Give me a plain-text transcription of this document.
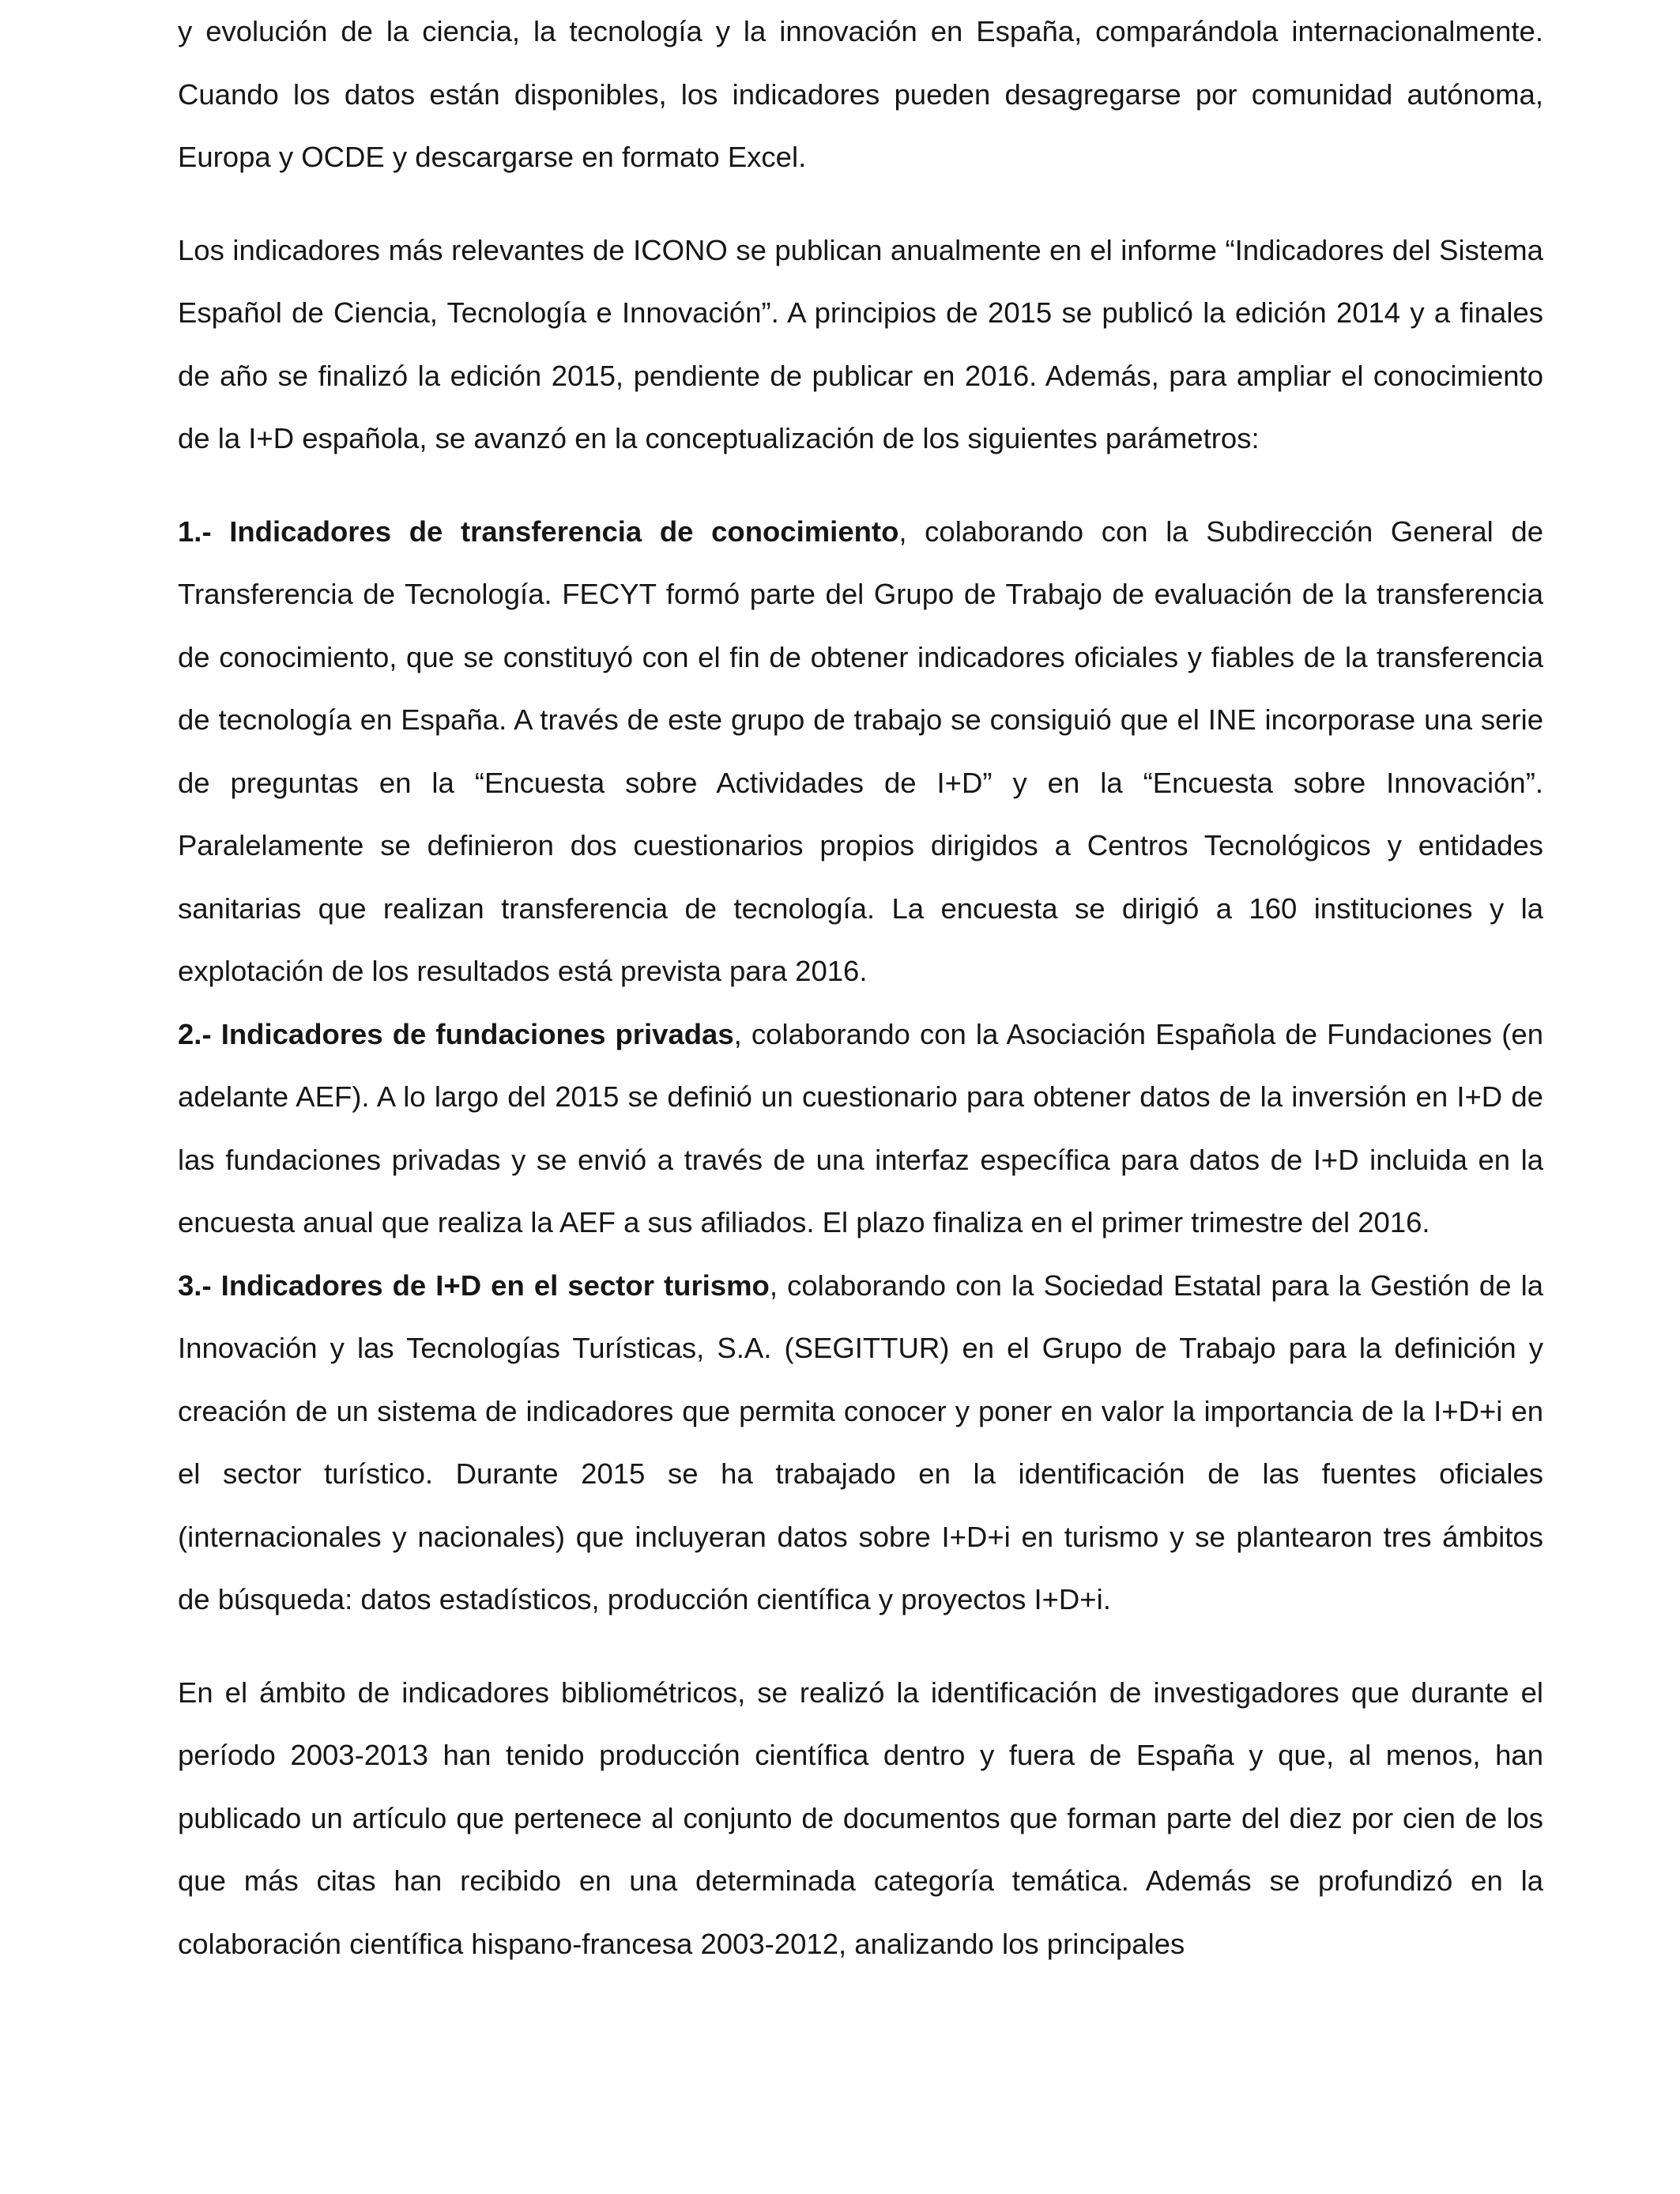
y evolución de la ciencia, la tecnología y la innovación en España, comparándola internacionalmente. Cuando los datos están disponibles, los indicadores pueden desagregarse por comunidad autónoma, Europa y OCDE y descargarse en formato Excel.

Los indicadores más relevantes de ICONO se publican anualmente en el informe “Indicadores del Sistema Español de Ciencia, Tecnología e Innovación”. A principios de 2015 se publicó la edición 2014 y a finales de año se finalizó la edición 2015, pendiente de publicar en 2016. Además, para ampliar el conocimiento de la I+D española, se avanzó en la conceptualización de los siguientes parámetros:

1.- Indicadores de transferencia de conocimiento, colaborando con la Subdirección General de Transferencia de Tecnología. FECYT formó parte del Grupo de Trabajo de evaluación de la transferencia de conocimiento, que se constituyó con el fin de obtener indicadores oficiales y fiables de la transferencia de tecnología en España. A través de este grupo de trabajo se consiguió que el INE incorporase una serie de preguntas en la “Encuesta sobre Actividades de I+D” y en la “Encuesta sobre Innovación”. Paralelamente se definieron dos cuestionarios propios dirigidos a Centros Tecnológicos y entidades sanitarias que realizan transferencia de tecnología. La encuesta se dirigió a 160 instituciones y la explotación de los resultados está prevista para 2016.

2.- Indicadores de fundaciones privadas, colaborando con la Asociación Española de Fundaciones (en adelante AEF). A lo largo del 2015 se definió un cuestionario para obtener datos de la inversión en I+D de las fundaciones privadas y se envió a través de una interfaz específica para datos de I+D incluida en la encuesta anual que realiza la AEF a sus afiliados. El plazo finaliza en el primer trimestre del 2016.

3.- Indicadores de I+D en el sector turismo, colaborando con la Sociedad Estatal para la Gestión de la Innovación y las Tecnologías Turísticas, S.A. (SEGITTUR) en el Grupo de Trabajo para la definición y creación de un sistema de indicadores que permita conocer y poner en valor la importancia de la I+D+i en el sector turístico. Durante 2015 se ha trabajado en la identificación de las fuentes oficiales (internacionales y nacionales) que incluyeran datos sobre I+D+i en turismo y se plantearon tres ámbitos de búsqueda: datos estadísticos, producción científica y proyectos I+D+i.

En el ámbito de indicadores bibliométricos, se realizó la identificación de investigadores que durante el período 2003-2013 han tenido producción científica dentro y fuera de España y que, al menos, han publicado un artículo que pertenece al conjunto de documentos que forman parte del diez por cien de los que más citas han recibido en una determinada categoría temática. Además se profundizó en la colaboración científica hispano-francesa 2003-2012, analizando los principales
